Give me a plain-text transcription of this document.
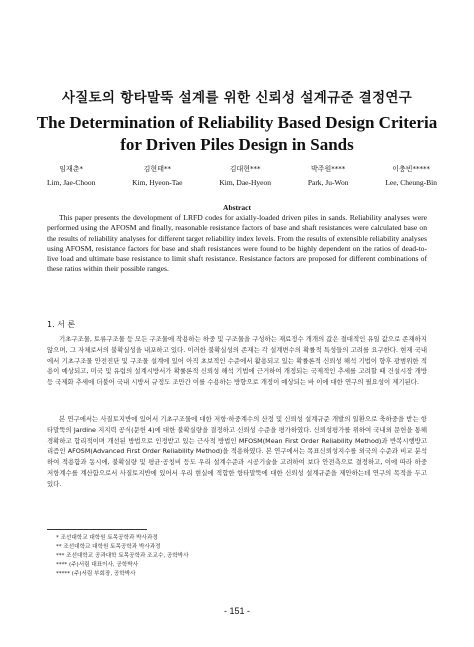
사질토의 항타말뚝 설계를 위한 신뢰성 설계규준 결정연구
The Determination of Reliability Based Design Criteria for Driven Piles Design in Sands
임재춘*
Lim, Jae-Choon
김현태**
Kim, Hyeon-Tae
김대현***
Kim, Dae-Hyeon
박주원****
Park, Ju-Won
이충빈*****
Lee, Cheung-Bin
Abstract
This paper presents the development of LRFD codes for axially-loaded driven piles in sands. Reliability analyses were performed using the AFOSM and finally, reasonable resistance factors of base and shaft resistances were calculated base on the results of reliability analyses for different target reliability index levels. From the results of extensible reliability analyses using AFOSM, resistance factors for base and shaft resistances were found to be highly dependent on the ratios of dead-to-live load and ultimate base resistance to limit shaft resistance. Resistance factors are proposed for different combinations of these ratios within their possible ranges.
1. 서 론
기초구조물, 토류구조물 등 모든 구조물에 작용하는 하중 및 구조물을 구성하는 재료정수 개개의 값은 절대적인 유일 값으로 존재하지 않으며, 그 자체로서의 불확실성을 내포하고 있다. 이러한 불확실성의 존재는 각 설계변수의 확률적 특성들의 고려를 요구한다. 현재 국내에서 기초구조물 안전진단 및 구조물 설계에 있어 아직 초보적인 수준에서 활용되고 있는 확률론적 신뢰성 해석 기법이 향후 광범위한 적용이 예상되고, 미국 및 유럽의 설계시방서가 확률론적 신뢰성 해석 기법에 근거하여 개정되는 국제적인 추세를 고려할 때 건설시장 개방 등 국제화 추세에 더불어 국내 시방서 규정도 조만간 이를 수용하는 방향으로 개정이 예상되는 바 이에 대한 연구의 필요성이 제기된다.
본 연구에서는 사질토지반에 있어서 기초구조물에 대한 저항·하중계수의 산정 및 신뢰성 설계규준 개발의 일환으로 축하중을 받는 항타말뚝의 Jardine 지지력 공식(문헌 4)에 대한 불확실량을 결정하고 신뢰성 수준을 평가하였다. 신뢰성평가를 위하여 국내외 문헌을 통해 경확하고 합리적이며 개선된 방법으로 인정받고 있는 근사적 방법인 MFOSM(Mean First Order Reliability Method)과 반복시행방고리즘인 AFOSM(Advanced First Order Reliability Method)을 적용하였다. 본 연구에서는 목표신뢰성지수를 외국의 수준과 비교 분석하여 적용함과 동시에, 불확실량 및 평균·공칭비 등도 우리 설계수준과 시공기술을 고려하여 보다 안전측으로 결정하고, 이에 따라 하중 저항계수를 계산함으로서 사질토지반에 있어서 우리 현실에 적합한 항타말뚝에 대한 신뢰성 설계규준을 제안하는데 연구의 목적을 두고 있다.
* 조선대학교 대학원 토목공학과 박사과정
** 조선대학교 대학원 토목공학과 박사과정
*** 조선대학교 공과대학 토목공학과 조교수, 공학박사
**** (주)서림 대표이사, 공학박사
***** (주)서림 부회장, 공학박사
- 151 -
